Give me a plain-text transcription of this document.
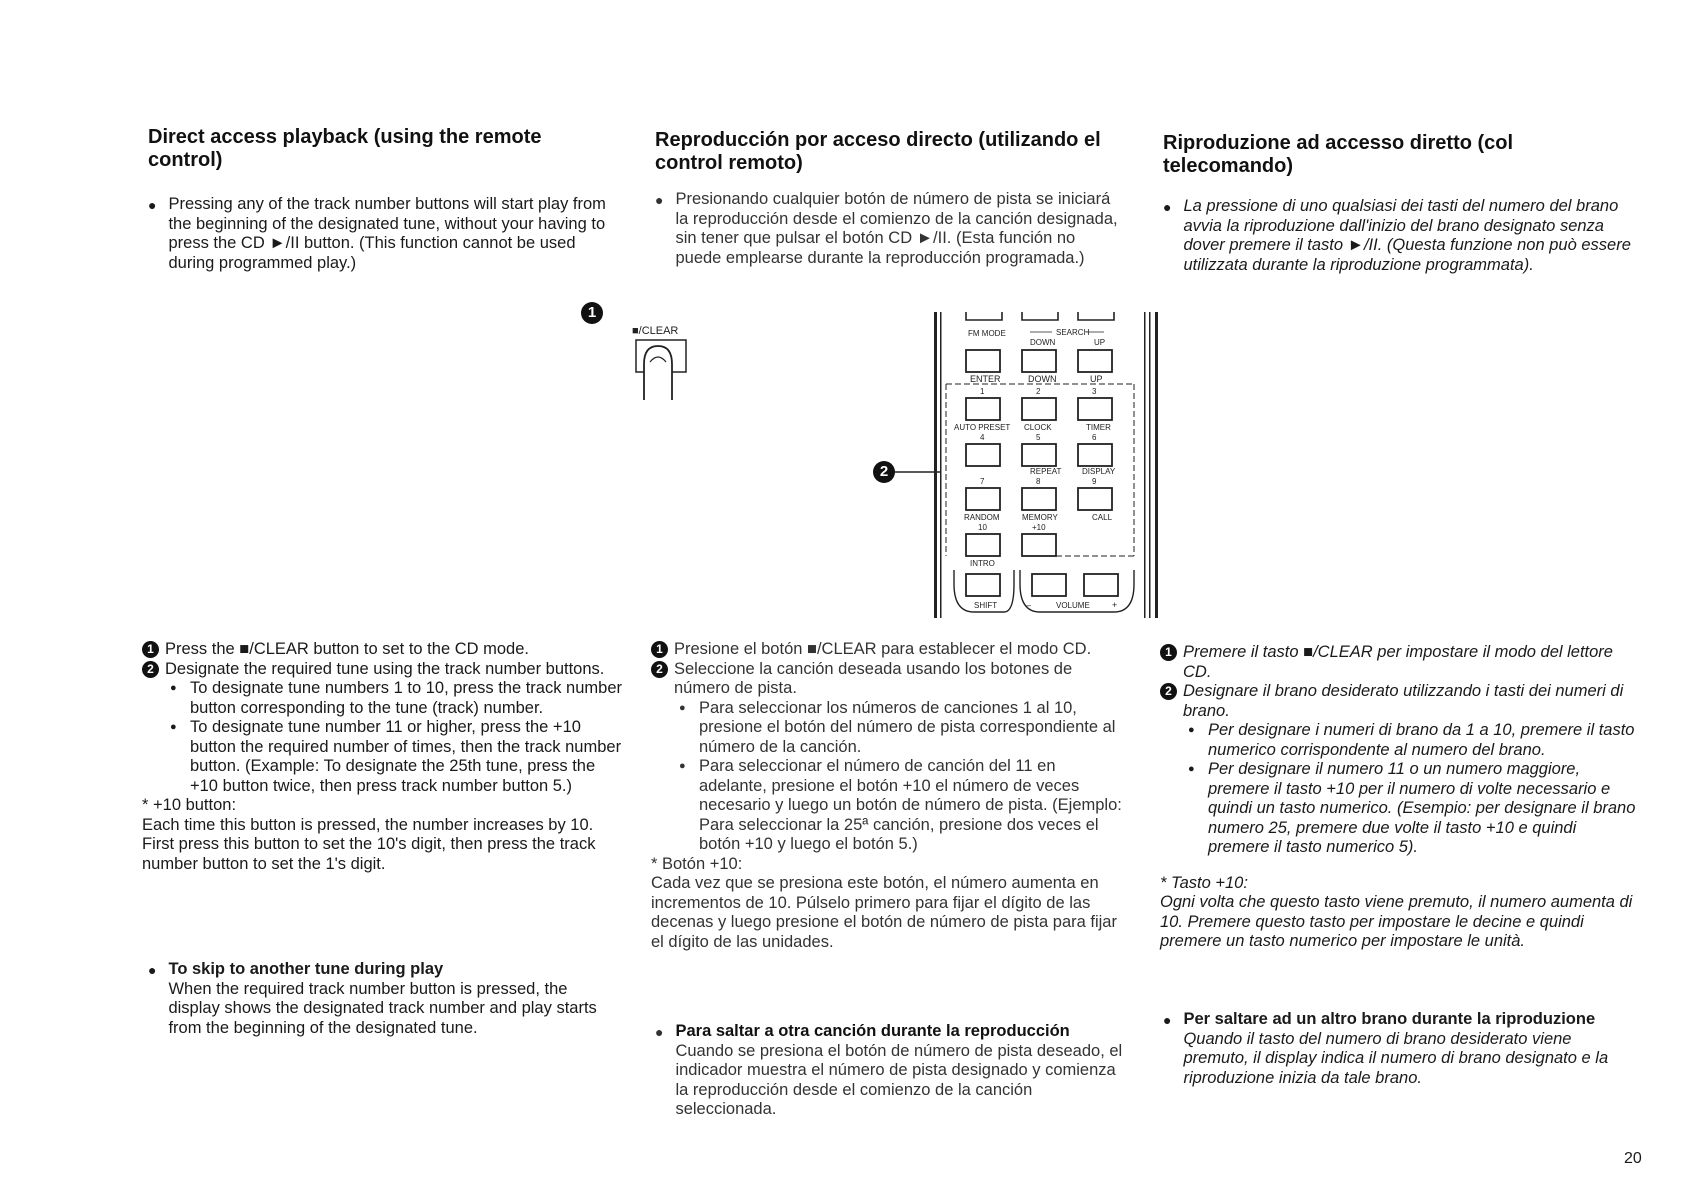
Direct access playback (using the remote control)
● Pressing any of the track number buttons will start play from the beginning of the designated tune, without your having to press the CD ►/II button. (This function cannot be used during programmed play.)

1 Press the ■/CLEAR button to set to the CD mode.

2 Designate the required tune using the track number buttons.

● To designate tune numbers 1 to 10, press the track number button corresponding to the tune (track) number.
● To designate tune number 11 or higher, press the +10 button the required number of times, then the track number button. (Example: To designate the 25th tune, press the +10 button twice, then press track number button 5.)

* +10 button:

Each time this button is pressed, the number increases by 10. First press this button to set the 10's digit, then press the track number button to set the 1's digit.

● To skip to another tune during play

When the required track number button is pressed, the display shows the designated track number and play starts from the beginning of the designated tune.

Reproducción por acceso directo (utilizando el control remoto)
● Presionando cualquier botón de número de pista se iniciará la reproducción desde el comienzo de la canción designada, sin tener que pulsar el botón CD ►/II. (Esta función no puede emplearse durante la reproducción programada.)

1 Presione el botón ■/CLEAR para establecer el modo CD.

2 Seleccione la canción deseada usando los botones de número de pista.

● Para seleccionar los números de canciones 1 al 10, presione el botón del número de pista correspondiente al número de la canción.
● Para seleccionar el número de canción del 11 en adelante, presione el botón +10 el número de veces necesario y luego un botón de número de pista. (Ejemplo: Para seleccionar la 25ª canción, presione dos veces el botón +10 y luego el botón 5.)

* Botón +10:

Cada vez que se presiona este botón, el número aumenta en incrementos de 10. Púlselo primero para fijar el dígito de las decenas y luego presione el botón de número de pista para fijar el dígito de las unidades.

● Para saltar a otra canción durante la reproducción

Cuando se presiona el botón de número de pista deseado, el indicador muestra el número de pista designado y comienza la reproducción desde el comienzo de la canción seleccionada.

Riproduzione ad accesso diretto (col telecomando)
● La pressione di uno qualsiasi dei tasti del numero del brano avvia la riproduzione dall'inizio del brano designato senza dover premere il tasto ►/II. (Questa funzione non può essere utilizzata durante la riproduzione programmata).

1 Premere il tasto ■/CLEAR per impostare il modo del lettore CD.

2 Designare il brano desiderato utilizzando i tasti dei numeri di brano.

● Per designare i numeri di brano da 1 a 10, premere il tasto numerico corrispondente al numero del brano.
● Per designare il numero 11 o un numero maggiore, premere il tasto +10 per il numero di volte necessario e quindi un tasto numerico. (Esempio: per designare il brano numero 25, premere due volte il tasto +10 e quindi premere il tasto numerico 5).

* Tasto +10:

Ogni volta che questo tasto viene premuto, il numero aumenta di 10. Premere questo tasto per impostare le decine e quindi premere un tasto numerico per impostare le unità.

● Per saltare ad un altro brano durante la riproduzione

Quando il tasto del numero di brano desiderato viene premuto, il display indica il numero di brano designato e la riproduzione inizia da tale brano.

1
■/CLEAR
2
FM MODE	SEARCH
DOWN	UP
ENTER	DOWN	UP
1	2	3
AUTO PRESET CLOCK	TIMER
4	5	6
REPEAT	DISPLAY
7	8	9
RANDOM	MEMORY	CALL
10	+10
INTRO
SHIFT	–	VOLUME +
20
